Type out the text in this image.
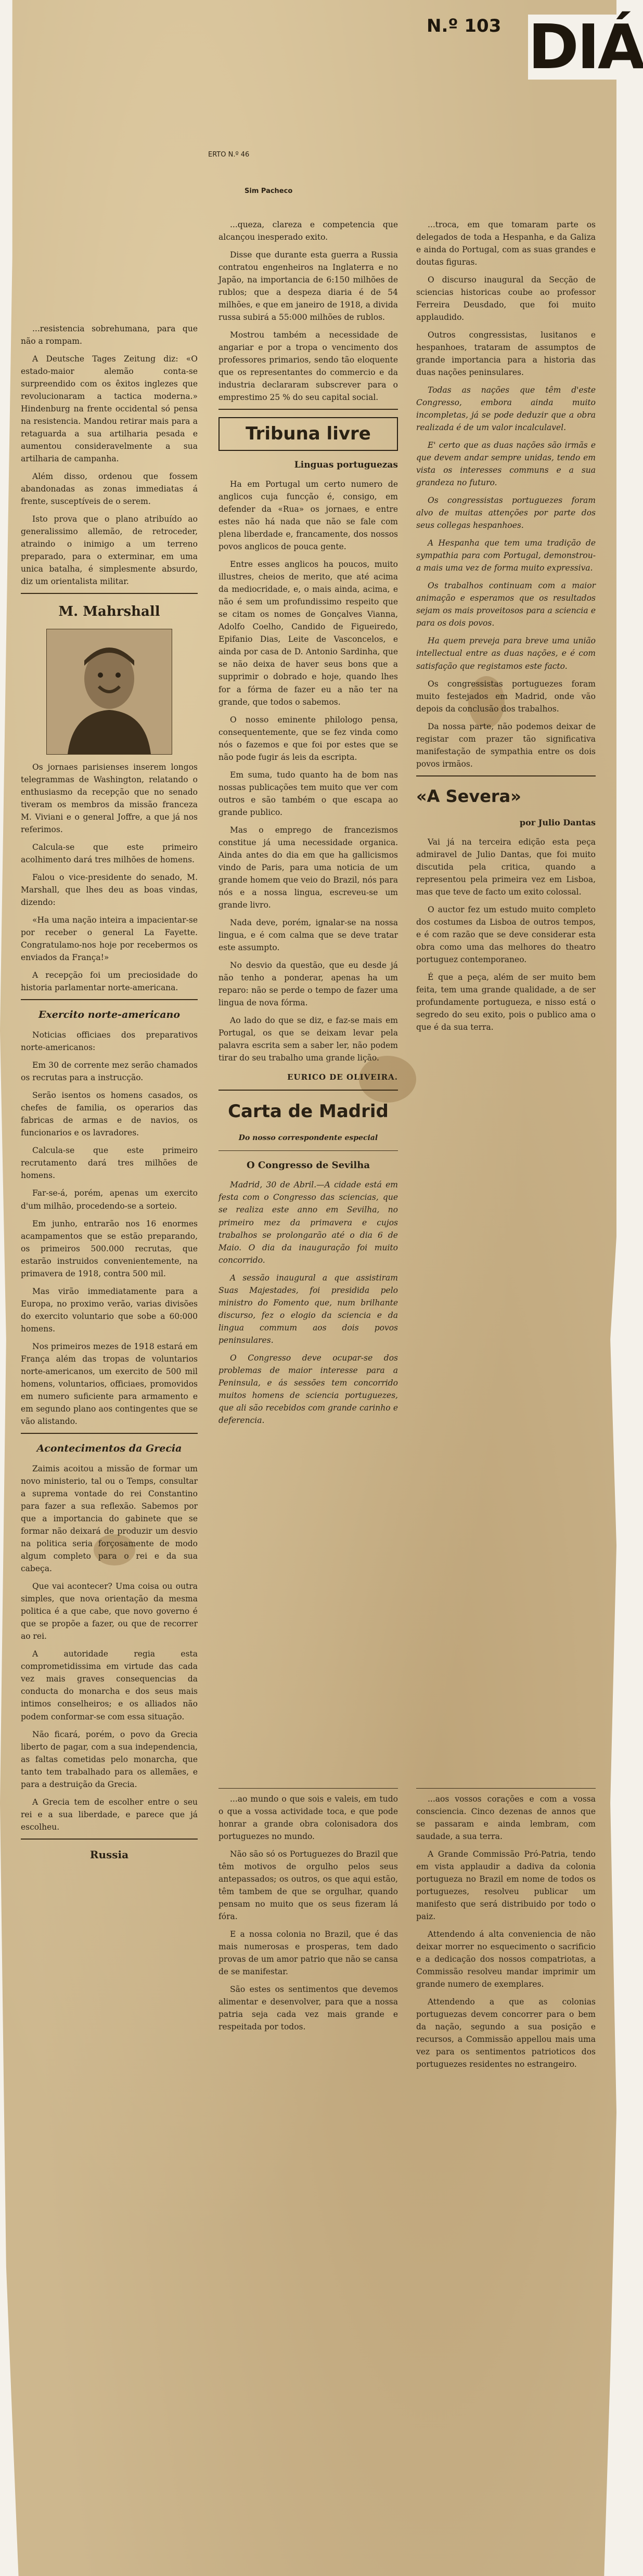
N.º 103 DIÁ
ERTO N.º 46
Sim Pacheco

...resistencia sobrehumana, para que não a rompam.

A Deutsche Tages Zeitung diz: «O estado-maior alemão conta-se surpreendido com os êxitos inglezes que revolucionaram a tactica moderna.» Hindenburg na frente occidental só pensa na resistencia. Mandou retirar mais para a retaguarda a sua artilharia pesada e aumentou consideravelmente a sua artilharia de campanha.

Além disso, ordenou que fossem abandonadas as zonas immediatas á frente, susceptíveis de o serem.

Isto prova que o plano atribuído ao generalissimo allemão, de retroceder, atraindo o inimigo a um terreno preparado, para o exterminar, em uma unica batalha, é simplesmente absurdo, diz um orientalista militar.

M. Mahrshall

Os jornaes parisienses inserem longos telegrammas de Washington, relatando o enthusiasmo da recepção que no senado tiveram os membros da missão franceza M. Viviani e o general Joffre, a que já nos referimos.

Calcula-se que este primeiro acolhimento dará tres milhões de homens.

Falou o vice-presidente do senado, M. Marshall, que lhes deu as boas vindas, dizendo:

«Ha uma nação inteira a impacientar-se por receber o general La Fayette. Congratulamo-nos hoje por recebermos os enviados da França!»

A recepção foi um preciosidade do historia parlamentar norte-americana.

Exercito norte-americano

Noticias officiaes dos preparativos norte-americanos:

Em 30 de corrente mez serão chamados os recrutas para a instrucção.

Serão isentos os homens casados, os chefes de familia, os operarios das fabricas de armas e de navios, os funcionarios e os lavradores.

Calcula-se que este primeiro recrutamento dará tres milhões de homens.

Far-se-á, porém, apenas um exercito d'um milhão, procedendo-se a sorteio.

Em junho, entrarão nos 16 enormes acampamentos que se estão preparando, os primeiros 500.000 recrutas, que estarão instruidos convenientemente, na primavera de 1918, contra 500 mil.

Mas virão immediatamente para a Europa, no proximo verão, varias divisões do exercito voluntario que sobe a 60:000 homens.

Nos primeiros mezes de 1918 estará em França além das tropas de voluntarios norte-americanos, um exercito de 500 mil homens, voluntarios, officiaes, promovidos em numero suficiente para armamento e em segundo plano aos contingentes que se vão alistando.

Acontecimentos da Grecia

Zaimis acoitou a missão de formar um novo ministerio, tal ou o Temps, consultar a suprema vontade do rei Constantino para fazer a sua reflexão. Sabemos por que a importancia do gabinete que se formar não deixará de produzir um desvio na politica seria forçosamente de modo algum completo para o rei e da sua cabeça.

Que vai acontecer? Uma coisa ou outra simples, que nova orientação da mesma politica é a que cabe, que novo governo é que se propõe a fazer, ou que de recorrer ao rei.

A autoridade regia esta comprometidissima em virtude das cada vez mais graves consequencias da conducta do monarcha e dos seus mais intimos conselheiros; e os alliados não podem conformar-se com essa situação.

Não ficará, porém, o povo da Grecia liberto de pagar, com a sua independencia, as faltas cometidas pelo monarcha, que tanto tem trabalhado para os allemães, e para a destruição da Grecia.

A Grecia tem de escolher entre o seu rei e a sua liberdade, e parece que já escolheu.

Russia

...queza, clareza e competencia que alcançou inesperado exito.

Disse que durante esta guerra a Russia contratou engenheiros na Inglaterra e no Japão, na importancia de 6:150 milhões de rublos; que a despeza diaria é de 54 milhões, e que em janeiro de 1918, a divida russa subirá a 55:000 milhões de rublos.

Mostrou também a necessidade de angariar e por a tropa o vencimento dos professores primarios, sendo tão eloquente que os representantes do commercio e da industria declararam subscrever para o emprestimo 25 % do seu capital social.

Tribuna livre
Linguas portuguezas

Ha em Portugal um certo numero de anglicos cuja funcção é, consigo, em defender da «Rua» os jornaes, e entre estes não há nada que não se fale com plena liberdade e, francamente, dos nossos povos anglicos de pouca gente.

Entre esses anglicos ha poucos, muito illustres, cheios de merito, que até acima da mediocridade, e, o mais ainda, acima, e não é sem um profundissimo respeito que se citam os nomes de Gonçalves Vianna, Adolfo Coelho, Candido de Figueiredo, Epifanio Dias, Leite de Vasconcelos, e ainda por casa de D. Antonio Sardinha, que se não deixa de haver seus bons que a supprimir o dobrado e hoje, quando lhes for a fórma de fazer eu a não ter na grande, que todos o sabemos.

O nosso eminente philologo pensa, consequentemente, que se fez vinda como nós o fazemos e que foi por estes que se não pode fugir ás leis da escripta.

Em suma, tudo quanto ha de bom nas nossas publicações tem muito que ver com outros e são também o que escapa ao grande publico.

Mas o emprego de francezismos constitue já uma necessidade organica. Ainda antes do dia em que ha gallicismos vindo de Paris, para uma noticia de um grande homem que veio do Brazil, nós para nós e a nossa lingua, escreveu-se um grande livro.

Nada deve, porém, ignalar-se na nossa lingua, e é com calma que se deve tratar este assumpto.

No desvio da questão, que eu desde já não tenho a ponderar, apenas ha um reparo: não se perde o tempo de fazer uma lingua de nova fórma.

Ao lado do que se diz, e faz-se mais em Portugal, os que se deixam levar pela palavra escrita sem a saber ler, não podem tirar do seu trabalho uma grande lição.

EURICO DE OLIVEIRA.
Carta de Madrid
Do nosso correspondente especial
O Congresso de Sevilha

Madrid, 30 de Abril.—A cidade está em festa com o Congresso das sciencias, que se realiza este anno em Sevilha, no primeiro mez da primavera e cujos trabalhos se prolongarão até o dia 6 de Maio. O dia da inauguração foi muito concorrido.

A sessão inaugural a que assistiram Suas Majestades, foi presidida pelo ministro do Fomento que, num brilhante discurso, fez o elogio da sciencia e da lingua commum aos dois povos peninsulares.

O Congresso deve ocupar-se dos problemas de maior interesse para a Peninsula, e ás sessões tem concorrido muitos homens de sciencia portuguezes, que ali são recebidos com grande carinho e deferencia.

...troca, em que tomaram parte os delegados de toda a Hespanha, e da Galiza e ainda do Portugal, com as suas grandes e doutas figuras.

O discurso inaugural da Secção de sciencias historicas coube ao professor Ferreira Deusdado, que foi muito applaudido.

Outros congressistas, lusitanos e hespanhoes, trataram de assumptos de grande importancia para a historia das duas nações peninsulares.

Todas as nações que têm d'este Congresso, embora ainda muito incompletas, já se pode deduzir que a obra realizada é de um valor incalculavel.

E' certo que as duas nações são irmãs e que devem andar sempre unidas, tendo em vista os interesses communs e a sua grandeza no futuro.

Os congressistas portuguezes foram alvo de muitas attenções por parte dos seus collegas hespanhoes.

A Hespanha que tem uma tradição de sympathia para com Portugal, demonstrou-a mais uma vez de forma muito expressiva.

Os trabalhos continuam com a maior animação e esperamos que os resultados sejam os mais proveitosos para a sciencia e para os dois povos.

Ha quem preveja para breve uma união intellectual entre as duas nações, e é com satisfação que registamos este facto.

Os congressistas portuguezes foram muito festejados em Madrid, onde vão depois da conclusão dos trabalhos.

Da nossa parte, não podemos deixar de registar com prazer tão significativa manifestação de sympathia entre os dois povos irmãos.

«A Severa»
por Julio Dantas

Vai já na terceira edição esta peça admiravel de Julio Dantas, que foi muito discutida pela critica, quando a representou pela primeira vez em Lisboa, mas que teve de facto um exito colossal.

O auctor fez um estudo muito completo dos costumes da Lisboa de outros tempos, e é com razão que se deve considerar esta obra como uma das melhores do theatro portuguez contemporaneo.

É que a peça, além de ser muito bem feita, tem uma grande qualidade, a de ser profundamente portugueza, e nisso está o segredo do seu exito, pois o publico ama o que é da sua terra.

...ao mundo o que sois e valeis, em tudo o que a vossa actividade toca, e que pode honrar a grande obra colonisadora dos portuguezes no mundo.

Não são só os Portuguezes do Brazil que têm motivos de orgulho pelos seus antepassados; os outros, os que aqui estão, têm tambem de que se orgulhar, quando pensam no muito que os seus fizeram lá fóra.

E a nossa colonia no Brazil, que é das mais numerosas e prosperas, tem dado provas de um amor patrio que não se cansa de se manifestar.

São estes os sentimentos que devemos alimentar e desenvolver, para que a nossa patria seja cada vez mais grande e respeitada por todos.

...aos vossos corações e com a vossa consciencia. Cinco dezenas de annos que se passaram e ainda lembram, com saudade, a sua terra.

A Grande Commissão Pró-Patria, tendo em vista applaudir a dadiva da colonia portugueza no Brazil em nome de todos os portuguezes, resolveu publicar um manifesto que será distribuido por todo o paiz.

Attendendo á alta conveniencia de não deixar morrer no esquecimento o sacrificio e a dedicação dos nossos compatriotas, a Commissão resolveu mandar imprimir um grande numero de exemplares.

Attendendo a que as colonias portuguezas devem concorrer para o bem da nação, segundo a sua posição e recursos, a Commissão appellou mais uma vez para os sentimentos patrioticos dos portuguezes residentes no estrangeiro.
